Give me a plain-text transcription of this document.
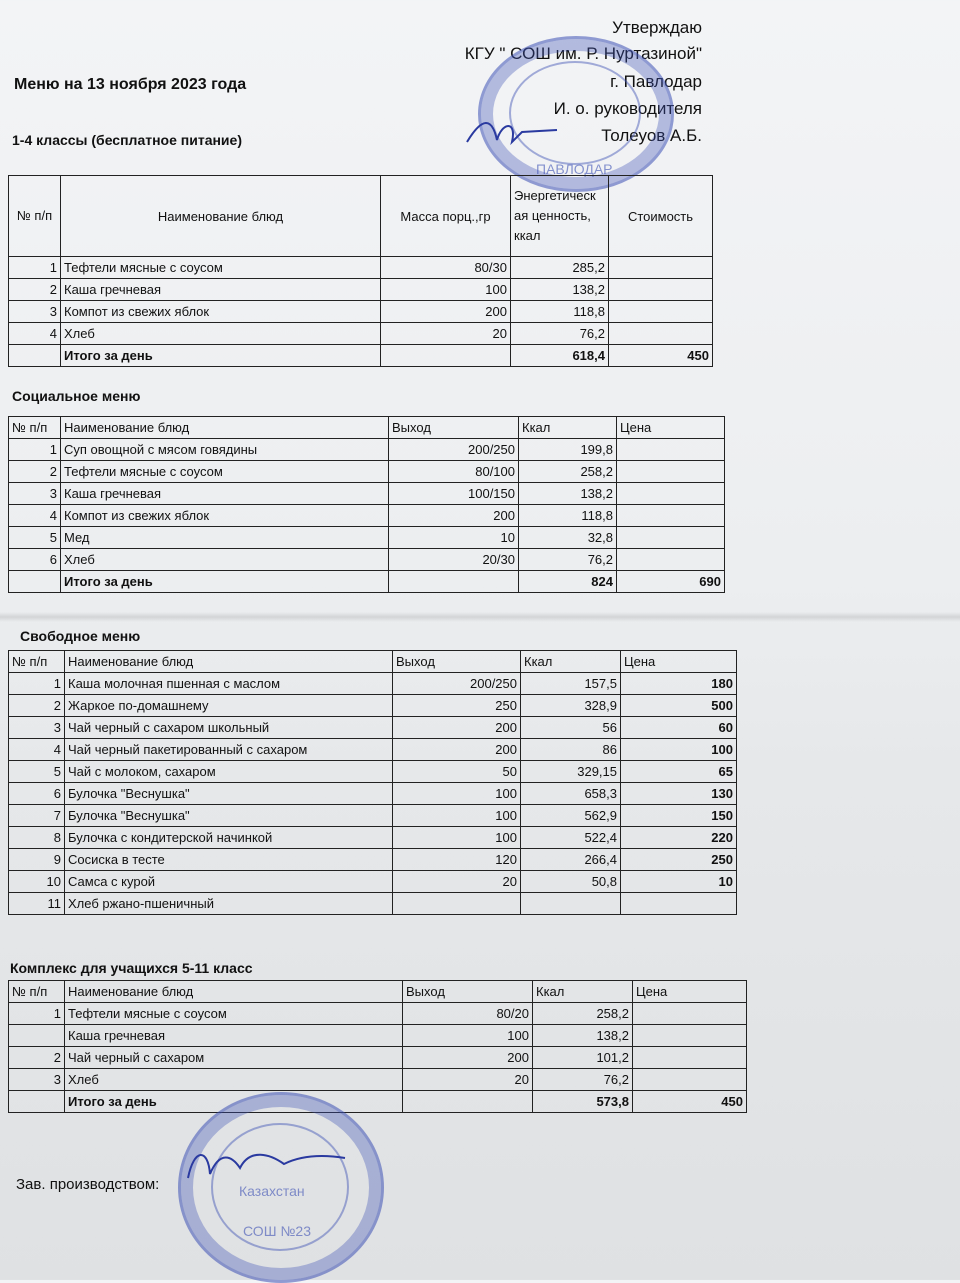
Утверждаю
КГУ " СОШ им. Р. Нуртазиной"
г. Павлодар
И. о. руководителя
Толеуов А.Б.
ПАВЛОДАР
Меню на 13 ноября 2023 года
1-4 классы (бесплатное питание)
№ п/п	Наименование блюд	Масса порц.,гр	Энергетическ ая ценность, ккал	Стоимость
1	Тефтели мясные с соусом	80/30	285,2	
2	Каша гречневая	100	138,2	
3	Компот из свежих яблок	200	118,8	
4	Хлеб	20	76,2	
	Итого за день		618,4	450
Социальное меню
№ п/п	Наименование блюд	Выход	Ккал	Цена
1	Суп овощной с мясом говядины	200/250	199,8	
2	Тефтели мясные с соусом	80/100	258,2	
3	Каша гречневая	100/150	138,2	
4	Компот из свежих яблок	200	118,8	
5	Мед	10	32,8	
6	Хлеб	20/30	76,2	
	Итого за день		824	690
Свободное меню
№ п/п	Наименование блюд	Выход	Ккал	Цена
1	Каша молочная пшенная с маслом	200/250	157,5	180
2	Жаркое по-домашнему	250	328,9	500
3	Чай черный с сахаром школьный	200	56	60
4	Чай черный пакетированный с сахаром	200	86	100
5	Чай с молоком, сахаром	50	329,15	65
6	Булочка "Веснушка"	100	658,3	130
7	Булочка "Веснушка"	100	562,9	150
8	Булочка с кондитерской начинкой	100	522,4	220
9	Сосиска в тесте	120	266,4	250
10	Самса с курой	20	50,8	10
11	Хлеб ржано-пшеничный			
Комплекс для учащихся 5-11 класс
№ п/п	Наименование блюд	Выход	Ккал	Цена
1	Тефтели мясные с соусом	80/20	258,2	
	Каша гречневая	100	138,2	
2	Чай черный с сахаром	200	101,2	
3	Хлеб	20	76,2	
	Итого за день		573,8	450
Зав. производством:	Казахстан
СОШ №23
